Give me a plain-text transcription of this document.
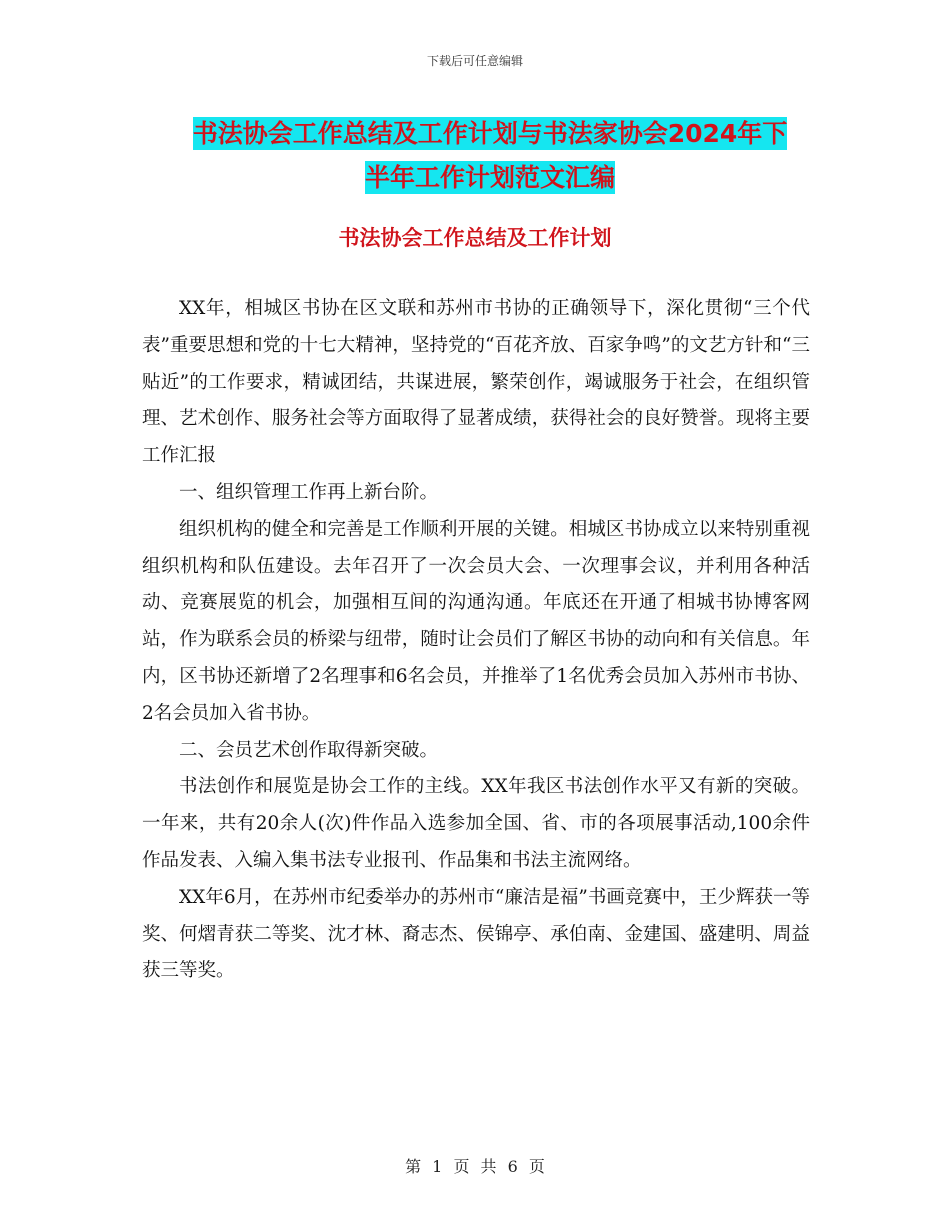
下载后可任意编辑
书法协会工作总结及工作计划与书法家协会2024年下
半年工作计划范文汇编
书法协会工作总结及工作计划

XX年，相城区书协在区文联和苏州市书协的正确领导下，深化贯彻“三个代表”重要思想和党的十七大精神，坚持党的“百花齐放、百家争鸣”的文艺方针和“三贴近”的工作要求，精诚团结，共谋进展，繁荣创作，竭诚服务于社会，在组织管理、艺术创作、服务社会等方面取得了显著成绩，获得社会的良好赞誉。现将主要工作汇报

一、组织管理工作再上新台阶。

组织机构的健全和完善是工作顺利开展的关键。相城区书协成立以来特别重视组织机构和队伍建设。去年召开了一次会员大会、一次理事会议，并利用各种活动、竞赛展览的机会，加强相互间的沟通沟通。年底还在开通了相城书协博客网站，作为联系会员的桥梁与纽带，随时让会员们了解区书协的动向和有关信息。年内，区书协还新增了2名理事和6名会员，并推举了1名优秀会员加入苏州市书协、2名会员加入省书协。

二、会员艺术创作取得新突破。

书法创作和展览是协会工作的主线。XX年我区书法创作水平又有新的突破。一年来，共有20余人(次)件作品入选参加全国、省、市的各项展事活动,100余件作品发表、入编入集书法专业报刊、作品集和书法主流网络。

XX年6月，在苏州市纪委举办的苏州市“廉洁是福”书画竞赛中，王少辉获一等奖、何熠青获二等奖、沈才林、裔志杰、侯锦亭、承伯南、金建国、盛建明、周益获三等奖。

第 1 页 共 6 页
